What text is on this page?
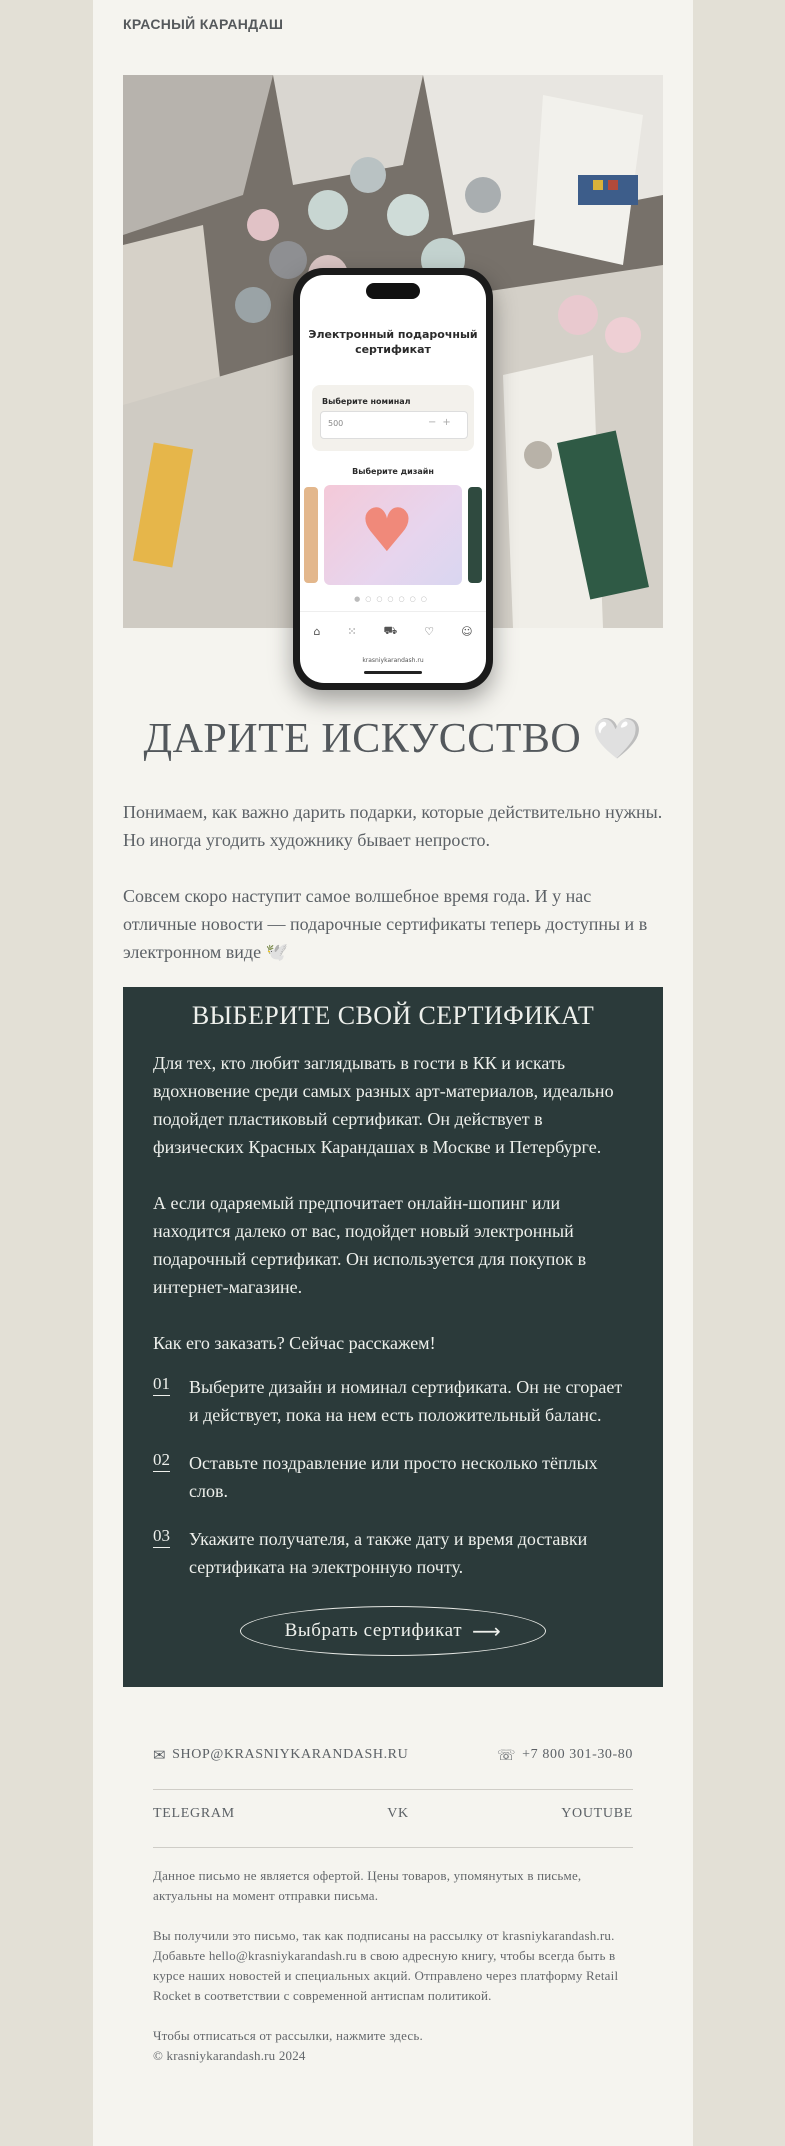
КРАСНЫЙ КАРАНДАШ
Электронный подарочный сертификат
Выберите номинал
500	−+
Выберите дизайн
♥
●○○○○○○
⌂ ⁙ ⛟ ♡ ☺
krasniykarandash.ru
ДАРИТЕ ИСКУССТВО 🤍

Понимаем, как важно дарить подарки, которые действительно нужны. Но иногда угодить художнику бывает непросто.

Совсем скоро наступит самое волшебное время года. И у нас отличные новости — подарочные сертификаты теперь доступны и в электронном виде 🕊️

ВЫБЕРИТЕ СВОЙ СЕРТИФИКАТ

Для тех, кто любит заглядывать в гости в КК и искать вдохновение среди самых разных арт-материалов, идеально подойдет пластиковый сертификат. Он действует в физических Красных Карандашах в Москве и Петербурге.

А если одаряемый предпочитает онлайн-шопинг или находится далеко от вас, подойдет новый электронный подарочный сертификат. Он используется для покупок в интернет-магазине.

Как его заказать? Сейчас расскажем!

01 Выберите дизайн и номинал сертификата. Он не сгорает и действует, пока на нем есть положительный баланс.
02 Оставьте поздравление или просто несколько тёплых слов.
03 Укажите получателя, а также дату и время доставки сертификата на электронную почту.
Выбрать сертификат ⟶
✉ SHOP@KRASNIYKARANDASH.RU	☏ +7 800 301-30-80
TELEGRAM	VK	YOUTUBE

Данное письмо не является офертой. Цены товаров, упомянутых в письме, актуальны на момент отправки письма.

Вы получили это письмо, так как подписаны на рассылку от krasniykarandash.ru. Добавьте hello@krasniykarandash.ru в свою адресную книгу, чтобы всегда быть в курсе наших новостей и специальных акций. Отправлено через платформу Retail Rocket в соответствии с современной антиспам политикой.

Чтобы отписаться от рассылки, нажмите здесь.
© krasniykarandash.ru 2024
